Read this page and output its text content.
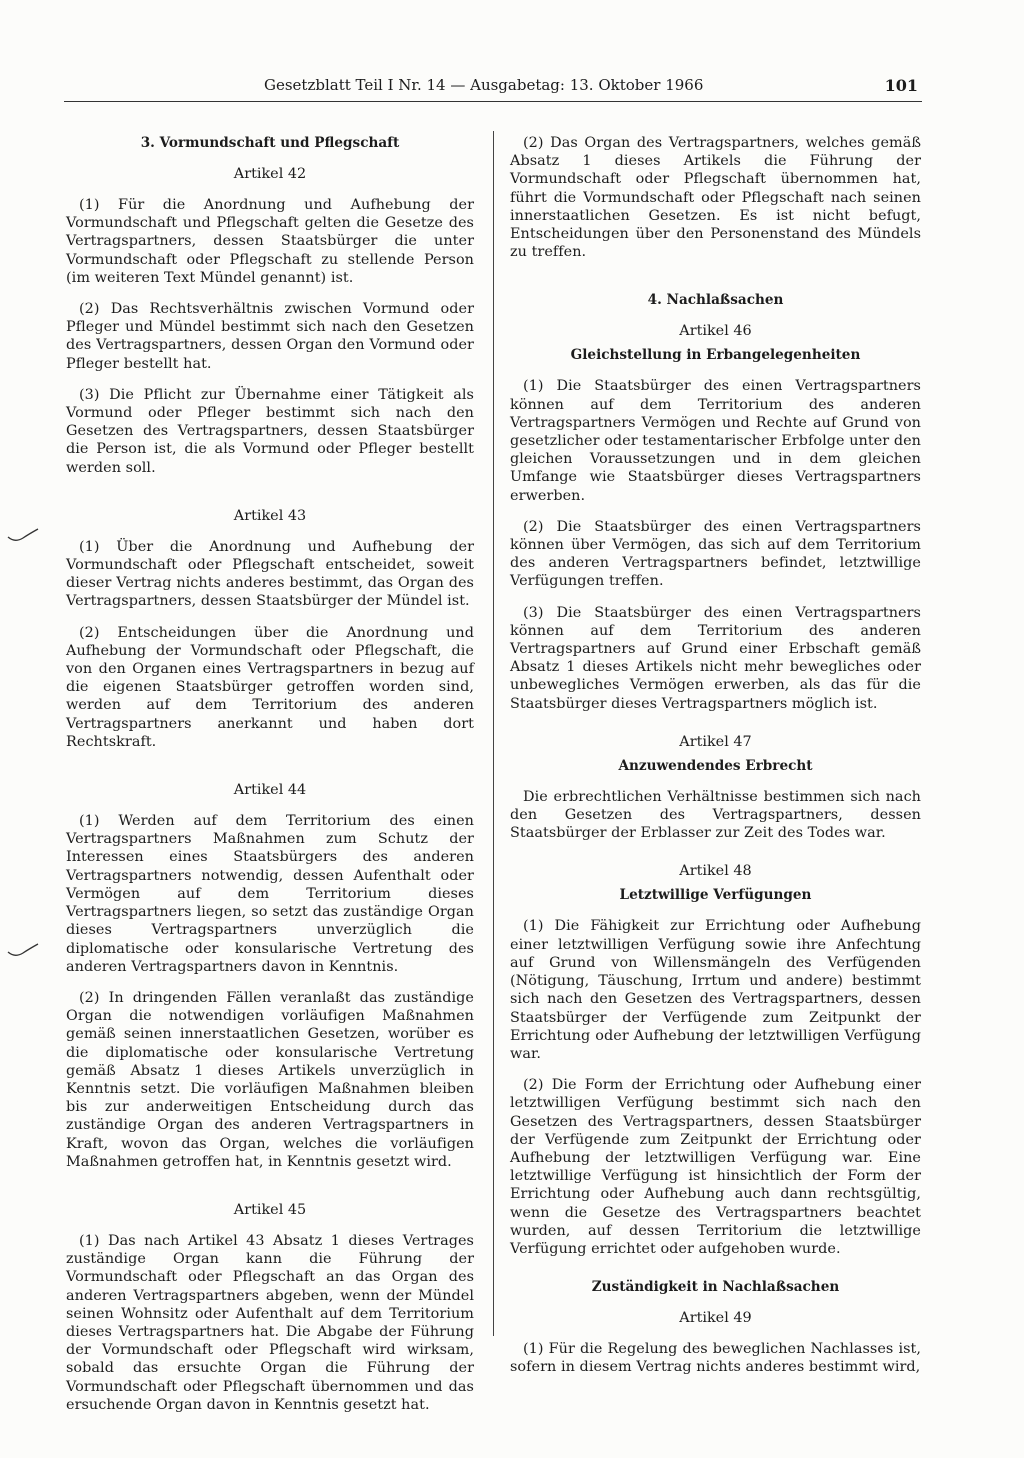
Gesetzblatt Teil I Nr. 14 — Ausgabetag: 13. Oktober 1966	101
3. Vormundschaft und Pflegschaft
Artikel 42

(1) Für die Anordnung und Aufhebung der Vormundschaft und Pflegschaft gelten die Gesetze des Vertragspartners, dessen Staatsbürger die unter Vormundschaft oder Pflegschaft zu stellende Person (im weiteren Text Mündel genannt) ist.

(2) Das Rechtsverhältnis zwischen Vormund oder Pfleger und Mündel bestimmt sich nach den Gesetzen des Vertragspartners, dessen Organ den Vormund oder Pfleger bestellt hat.

(3) Die Pflicht zur Übernahme einer Tätigkeit als Vormund oder Pfleger bestimmt sich nach den Gesetzen des Vertragspartners, dessen Staatsbürger die Person ist, die als Vormund oder Pfleger bestellt werden soll.

Artikel 43

(1) Über die Anordnung und Aufhebung der Vormundschaft oder Pflegschaft entscheidet, soweit dieser Vertrag nichts anderes bestimmt, das Organ des Vertragspartners, dessen Staatsbürger der Mündel ist.

(2) Entscheidungen über die Anordnung und Aufhebung der Vormundschaft oder Pflegschaft, die von den Organen eines Vertragspartners in bezug auf die eigenen Staatsbürger getroffen worden sind, werden auf dem Territorium des anderen Vertragspartners anerkannt und haben dort Rechtskraft.

Artikel 44

(1) Werden auf dem Territorium des einen Vertragspartners Maßnahmen zum Schutz der Interessen eines Staatsbürgers des anderen Vertragspartners notwendig, dessen Aufenthalt oder Vermögen auf dem Territorium dieses Vertragspartners liegen, so setzt das zuständige Organ dieses Vertragspartners unverzüglich die diplomatische oder konsularische Vertretung des anderen Vertragspartners davon in Kenntnis.

(2) In dringenden Fällen veranlaßt das zuständige Organ die notwendigen vorläufigen Maßnahmen gemäß seinen innerstaatlichen Gesetzen, worüber es die diplomatische oder konsularische Vertretung gemäß Absatz 1 dieses Artikels unverzüglich in Kenntnis setzt. Die vorläufigen Maßnahmen bleiben bis zur anderweitigen Entscheidung durch das zuständige Organ des anderen Vertragspartners in Kraft, wovon das Organ, welches die vorläufigen Maßnahmen getroffen hat, in Kenntnis gesetzt wird.

Artikel 45

(1) Das nach Artikel 43 Absatz 1 dieses Vertrages zuständige Organ kann die Führung der Vormundschaft oder Pflegschaft an das Organ des anderen Vertragspartners abgeben, wenn der Mündel seinen Wohnsitz oder Aufenthalt auf dem Territorium dieses Vertragspartners hat. Die Abgabe der Führung der Vormundschaft oder Pflegschaft wird wirksam, sobald das ersuchte Organ die Führung der Vormundschaft oder Pflegschaft übernommen und das ersuchende Organ davon in Kenntnis gesetzt hat.

(2) Das Organ des Vertragspartners, welches gemäß Absatz 1 dieses Artikels die Führung der Vormundschaft oder Pflegschaft übernommen hat, führt die Vormundschaft oder Pflegschaft nach seinen innerstaatlichen Gesetzen. Es ist nicht befugt, Entscheidungen über den Personenstand des Mündels zu treffen.

4. Nachlaßsachen
Artikel 46
Gleichstellung in Erbangelegenheiten

(1) Die Staatsbürger des einen Vertragspartners können auf dem Territorium des anderen Vertragspartners Vermögen und Rechte auf Grund von gesetzlicher oder testamentarischer Erbfolge unter den gleichen Voraussetzungen und in dem gleichen Umfange wie Staatsbürger dieses Vertragspartners erwerben.

(2) Die Staatsbürger des einen Vertragspartners können über Vermögen, das sich auf dem Territorium des anderen Vertragspartners befindet, letztwillige Verfügungen treffen.

(3) Die Staatsbürger des einen Vertragspartners können auf dem Territorium des anderen Vertragspartners auf Grund einer Erbschaft gemäß Absatz 1 dieses Artikels nicht mehr bewegliches oder unbewegliches Vermögen erwerben, als das für die Staatsbürger dieses Vertragspartners möglich ist.

Artikel 47
Anzuwendendes Erbrecht

Die erbrechtlichen Verhältnisse bestimmen sich nach den Gesetzen des Vertragspartners, dessen Staatsbürger der Erblasser zur Zeit des Todes war.

Artikel 48
Letztwillige Verfügungen

(1) Die Fähigkeit zur Errichtung oder Aufhebung einer letztwilligen Verfügung sowie ihre Anfechtung auf Grund von Willensmängeln des Verfügenden (Nötigung, Täuschung, Irrtum und andere) bestimmt sich nach den Gesetzen des Vertragspartners, dessen Staatsbürger der Verfügende zum Zeitpunkt der Errichtung oder Aufhebung der letztwilligen Verfügung war.

(2) Die Form der Errichtung oder Aufhebung einer letztwilligen Verfügung bestimmt sich nach den Gesetzen des Vertragspartners, dessen Staatsbürger der Verfügende zum Zeitpunkt der Errichtung oder Aufhebung der letztwilligen Verfügung war. Eine letztwillige Verfügung ist hinsichtlich der Form der Errichtung oder Aufhebung auch dann rechtsgültig, wenn die Gesetze des Vertragspartners beachtet wurden, auf dessen Territorium die letztwillige Verfügung errichtet oder aufgehoben wurde.

Zuständigkeit in Nachlaßsachen
Artikel 49

(1) Für die Regelung des beweglichen Nachlasses ist, sofern in diesem Vertrag nichts anderes bestimmt wird,
